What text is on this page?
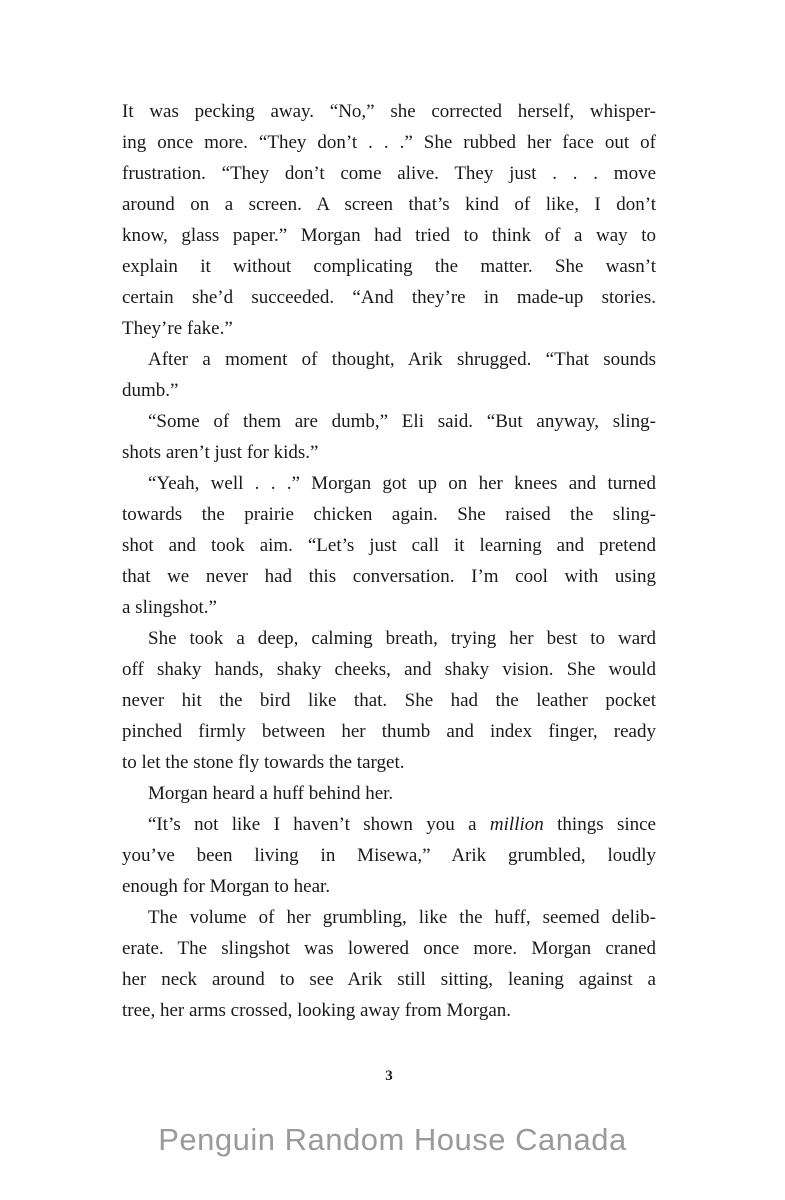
It was pecking away. “No,” she corrected herself, whisper-
ing once more. “They don’t . . .” She rubbed her face out of
frustration. “They don’t come alive. They just . . . move
around on a screen. A screen that’s kind of like, I don’t
know, glass paper.” Morgan had tried to think of a way to
explain it without complicating the matter. She wasn’t
certain she’d succeeded. “And they’re in made-up stories.
They’re fake.”
After a moment of thought, Arik shrugged. “That sounds
dumb.”
“Some of them are dumb,” Eli said. “But anyway, sling-
shots aren’t just for kids.”
“Yeah, well . . .” Morgan got up on her knees and turned
towards the prairie chicken again. She raised the sling-
shot and took aim. “Let’s just call it learning and pretend
that we never had this conversation. I’m cool with using
a slingshot.”
She took a deep, calming breath, trying her best to ward
off shaky hands, shaky cheeks, and shaky vision. She would
never hit the bird like that. She had the leather pocket
pinched firmly between her thumb and index finger, ready
to let the stone fly towards the target.
Morgan heard a huff behind her.
“It’s not like I haven’t shown you a million things since
you’ve been living in Misewa,” Arik grumbled, loudly
enough for Morgan to hear.
The volume of her grumbling, like the huff, seemed delib-
erate. The slingshot was lowered once more. Morgan craned
her neck around to see Arik still sitting, leaning against a
tree, her arms crossed, looking away from Morgan.
3
Penguin Random House Canada
